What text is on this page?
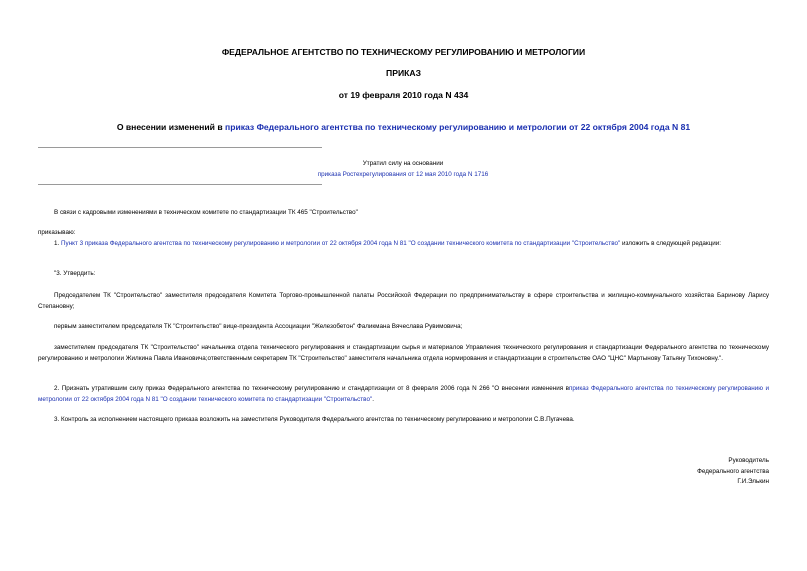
ФЕДЕРАЛЬНОЕ АГЕНТСТВО ПО ТЕХНИЧЕСКОМУ РЕГУЛИРОВАНИЮ И МЕТРОЛОГИИ

ПРИКАЗ

от 19 февраля 2010 года N 434

О внесении изменений в приказ Федерального агентства по техническому регулированию и метрологии от 22 октября 2004 года N 81

Утратил силу на основании
приказа Ростехрегулирования от 12 мая 2010 года N 1716
В связи с кадровыми изменениями в техническом комитете по стандартизации ТК 465 "Строительство"
приказываю:
1. Пункт 3 приказа Федерального агентства по техническому регулированию и метрологии от 22 октября 2004 года N 81 "О создании технического комитета по стандартизации "Строительство" изложить в следующей редакции:
"3. Утвердить:
Председателем ТК "Строительство" заместителя председателя Комитета Торгово-промышленной палаты Российской Федерации по предпринимательству в сфере строительства и жилищно-коммунального хозяйства Баринову Ларису Степановну;
первым заместителем председателя ТК "Строительство" вице-президента Ассоциации "Железобетон" Фаликмана Вячеслава Рувимовича;
заместителем председателя ТК "Строительство" начальника отдела технического регулирования и стандартизации сырья и материалов Управления технического регулирования и стандартизации Федерального агентства по техническому регулированию и метрологии Жилкина Павла Ивановича;ответственным секретарем ТК "Строительство" заместителя начальника отдела нормирования и стандартизации в строительстве ОАО "ЦНС" Мартынову Татьяну Тихоновну.".
2. Признать утратившим силу приказ Федерального агентства по техническому регулированию и стандартизации от 8 февраля 2006 года N 266 "О внесении изменения вприказ Федерального агентства по техническому регулированию и метрологии от 22 октября 2004 года N 81 "О создании технического комитета по стандартизации "Строительство".
3. Контроль за исполнением настоящего приказа возложить на заместителя Руководителя Федерального агентства по техническому регулированию и метрологии С.В.Пугачева.
Руководитель
Федерального агентства
Г.И.Элькин
